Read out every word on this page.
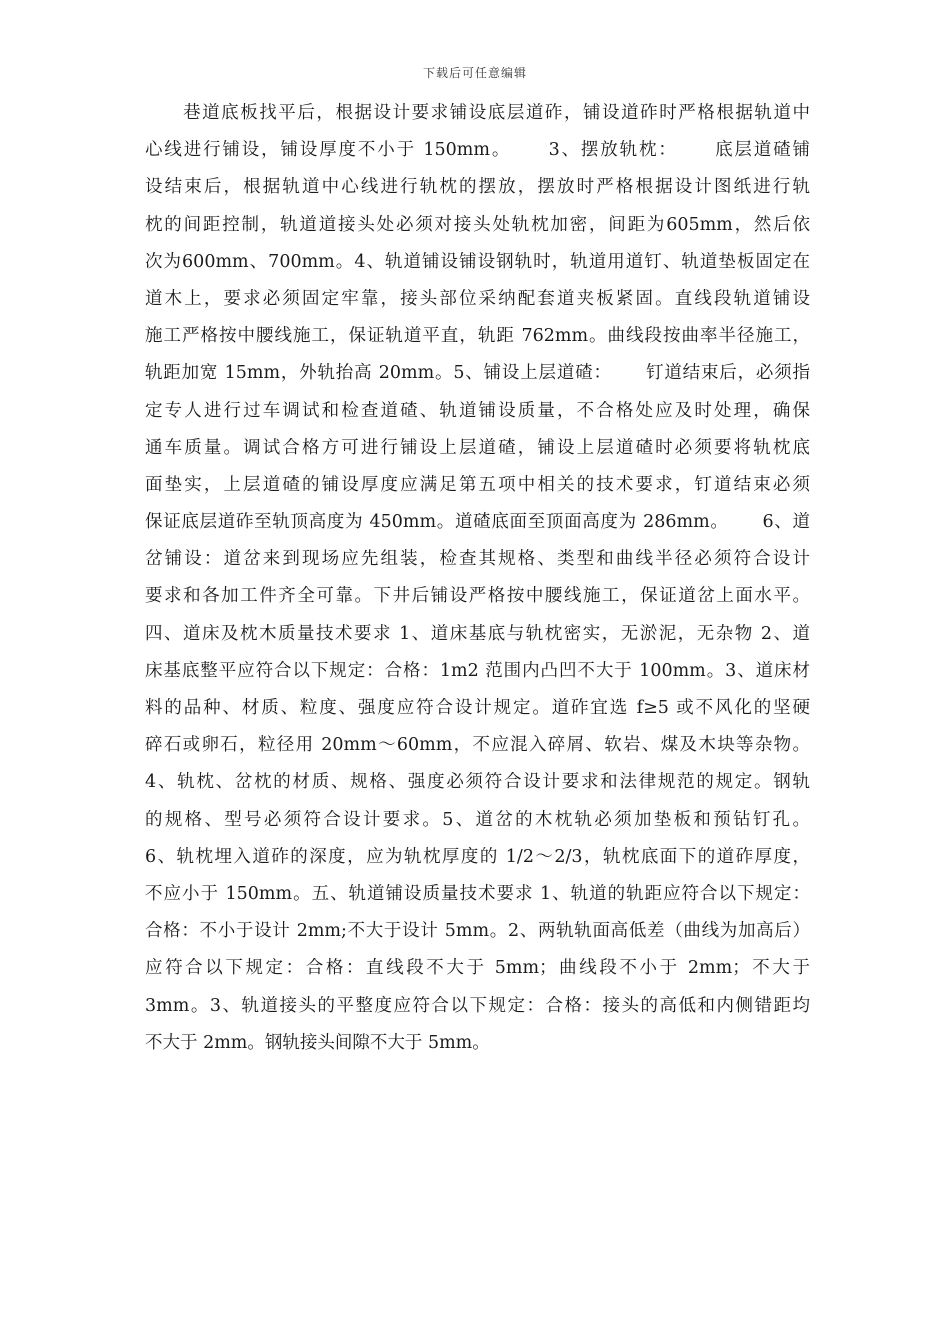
下载后可任意编辑
　　巷道底板找平后，根据设计要求铺设底层道砟，铺设道砟时严格根据轨道中
心线进行铺设，铺设厚度不小于 150mm。　　 3、摆放轨枕：　　 底层道碴铺
设结束后，根据轨道中心线进行轨枕的摆放，摆放时严格根据设计图纸进行轨
枕的间距控制，轨道道接头处必须对接头处轨枕加密，间距为605mm，然后依
次为600mm、700mm。4、轨道铺设铺设钢轨时，轨道用道钉、轨道垫板固定在
道木上，要求必须固定牢靠，接头部位采纳配套道夹板紧固。直线段轨道铺设
施工严格按中腰线施工，保证轨道平直，轨距 762mm。曲线段按曲率半径施工，
轨距加宽 15mm，外轨抬高 20mm。5、铺设上层道碴：　　 钉道结束后，必须指
定专人进行过车调试和检查道碴、轨道铺设质量，不合格处应及时处理，确保
通车质量。调试合格方可进行铺设上层道碴，铺设上层道碴时必须要将轨枕底
面垫实，上层道碴的铺设厚度应满足第五项中相关的技术要求，钉道结束必须
保证底层道砟至轨顶高度为 450mm。道碴底面至顶面高度为 286mm。　　 6、道
岔铺设：道岔来到现场应先组装，检查其规格、类型和曲线半径必须符合设计
要求和各加工件齐全可靠。下井后铺设严格按中腰线施工，保证道岔上面水平。
四、道床及枕木质量技术要求 1、道床基底与轨枕密实，无淤泥，无杂物 2、道
床基底整平应符合以下规定：合格：1m2 范围内凸凹不大于 100mm。3、道床材
料的品种、材质、粒度、强度应符合设计规定。道砟宜选 f≥5 或不风化的坚硬
碎石或卵石，粒径用 20mm～60mm，不应混入碎屑、软岩、煤及木块等杂物。
4、轨枕、岔枕的材质、规格、强度必须符合设计要求和法律规范的规定。钢轨
的规格、型号必须符合设计要求。5、道岔的木枕轨必须加垫板和预钻钉孔。
6、轨枕埋入道砟的深度，应为轨枕厚度的 1/2～2/3，轨枕底面下的道砟厚度，
不应小于 150mm。五、轨道铺设质量技术要求 1、轨道的轨距应符合以下规定：
合格：不小于设计 2mm;不大于设计 5mm。2、两轨轨面高低差（曲线为加高后）
应符合以下规定：合格：直线段不大于 5mm；曲线段不小于 2mm；不大于
3mm。3、轨道接头的平整度应符合以下规定：合格：接头的高低和内侧错距均
不大于 2mm。钢轨接头间隙不大于 5mm。
